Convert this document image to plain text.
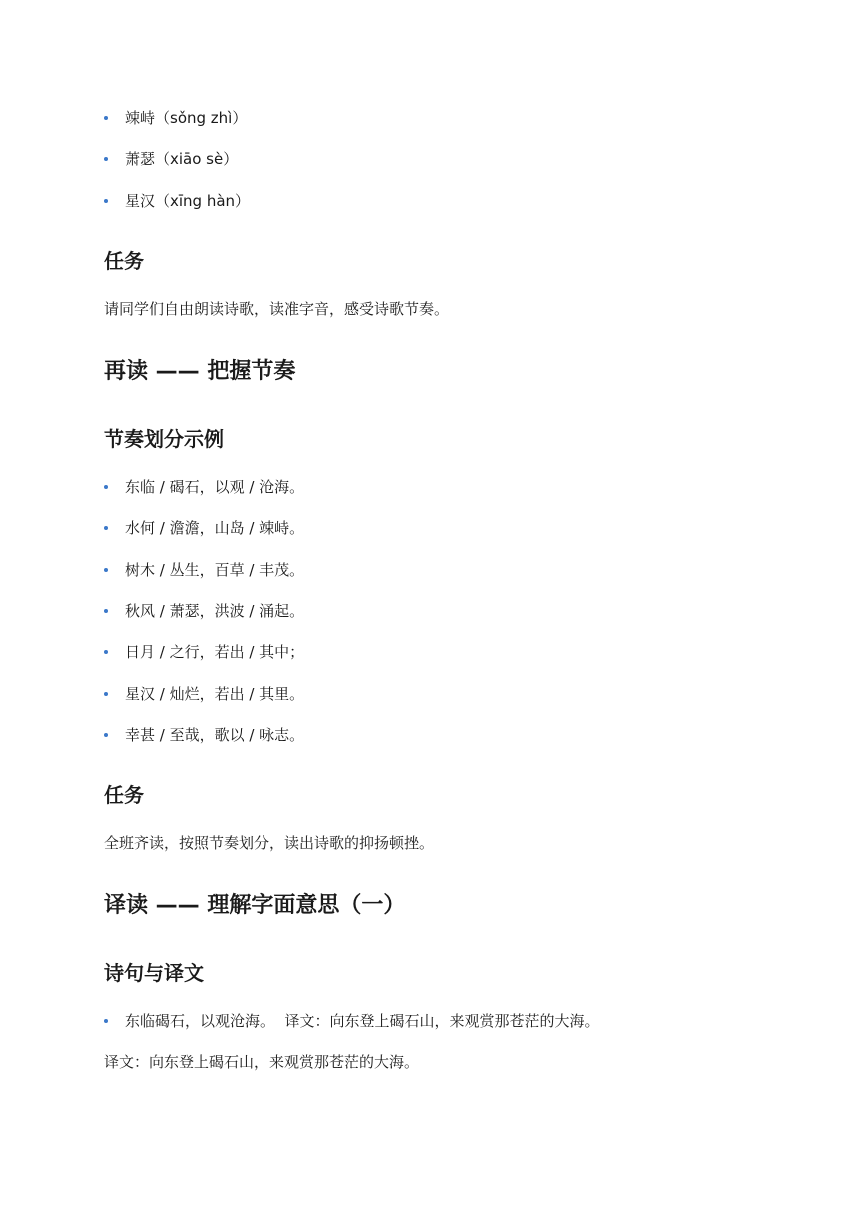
竦峙（sǒng zhì）
萧瑟（xiāo sè）
星汉（xīng hàn）
任务

请同学们自由朗读诗歌，读准字音，感受诗歌节奏。

再读 —— 把握节奏
节奏划分示例
东临 / 碣石，以观 / 沧海。
水何 / 澹澹，山岛 / 竦峙。
树木 / 丛生，百草 / 丰茂。
秋风 / 萧瑟，洪波 / 涌起。
日月 / 之行，若出 / 其中；
星汉 / 灿烂，若出 / 其里。
幸甚 / 至哉，歌以 / 咏志。
任务

全班齐读，按照节奏划分，读出诗歌的抑扬顿挫。

译读 —— 理解字面意思（一）
诗句与译文
东临碣石，以观沧海。  译文：向东登上碣石山，来观赏那苍茫的大海。

译文：向东登上碣石山，来观赏那苍茫的大海。
